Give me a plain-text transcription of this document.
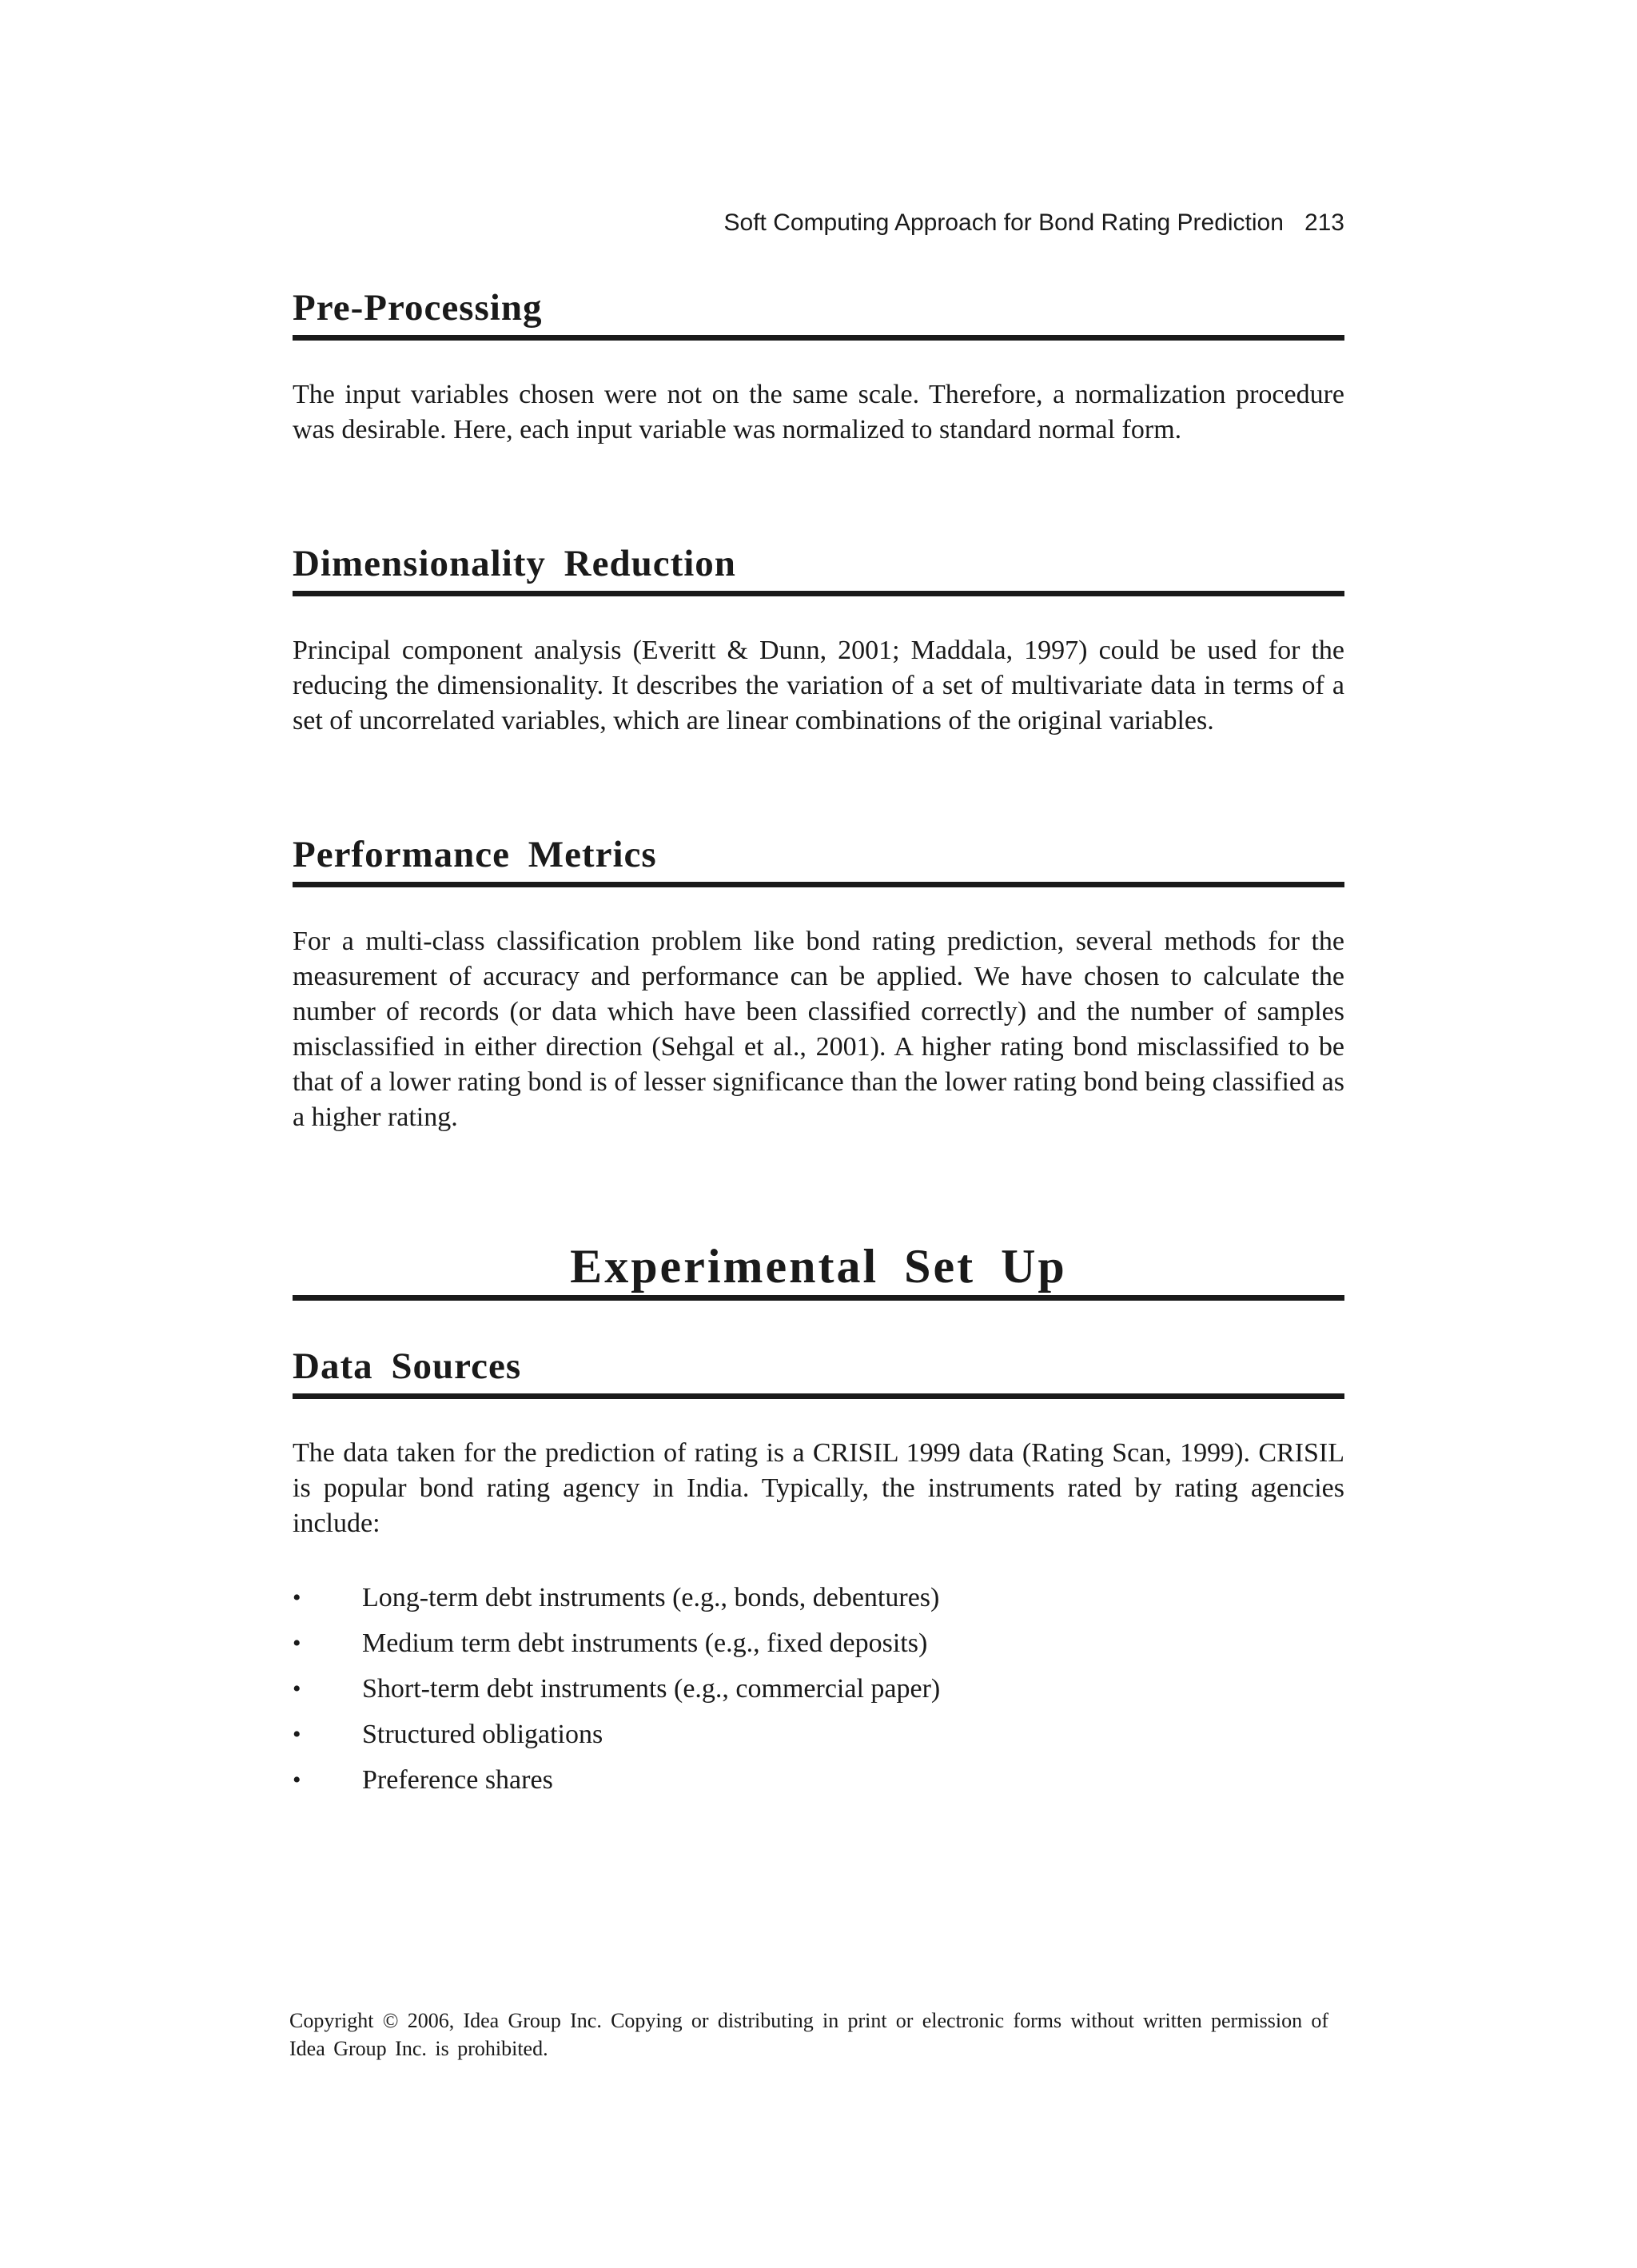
Soft Computing Approach for Bond Rating Prediction 213
Pre-Processing

The input variables chosen were not on the same scale. Therefore, a normalization procedure was desirable. Here, each input variable was normalized to standard normal form.

Dimensionality Reduction

Principal component analysis (Everitt & Dunn, 2001; Maddala, 1997) could be used for the reducing the dimensionality. It describes the variation of a set of multivariate data in terms of a set of uncorrelated variables, which are linear combinations of the original variables.

Performance Metrics

For a multi-class classification problem like bond rating prediction, several methods for the measurement of accuracy and performance can be applied. We have chosen to calculate the number of records (or data which have been classified correctly) and the number of samples misclassified in either direction (Sehgal et al., 2001). A higher rating bond misclassified to be that of a lower rating bond is of lesser significance than the lower rating bond being classified as a higher rating.

Experimental Set Up
Data Sources

The data taken for the prediction of rating is a CRISIL 1999 data (Rating Scan, 1999). CRISIL is popular bond rating agency in India. Typically, the instruments rated by rating agencies include:

• Long-term debt instruments (e.g., bonds, debentures)
• Medium term debt instruments (e.g., fixed deposits)
• Short-term debt instruments (e.g., commercial paper)
• Structured obligations
• Preference shares
Copyright © 2006, Idea Group Inc. Copying or distributing in print or electronic forms without written permission of Idea Group Inc. is prohibited.
